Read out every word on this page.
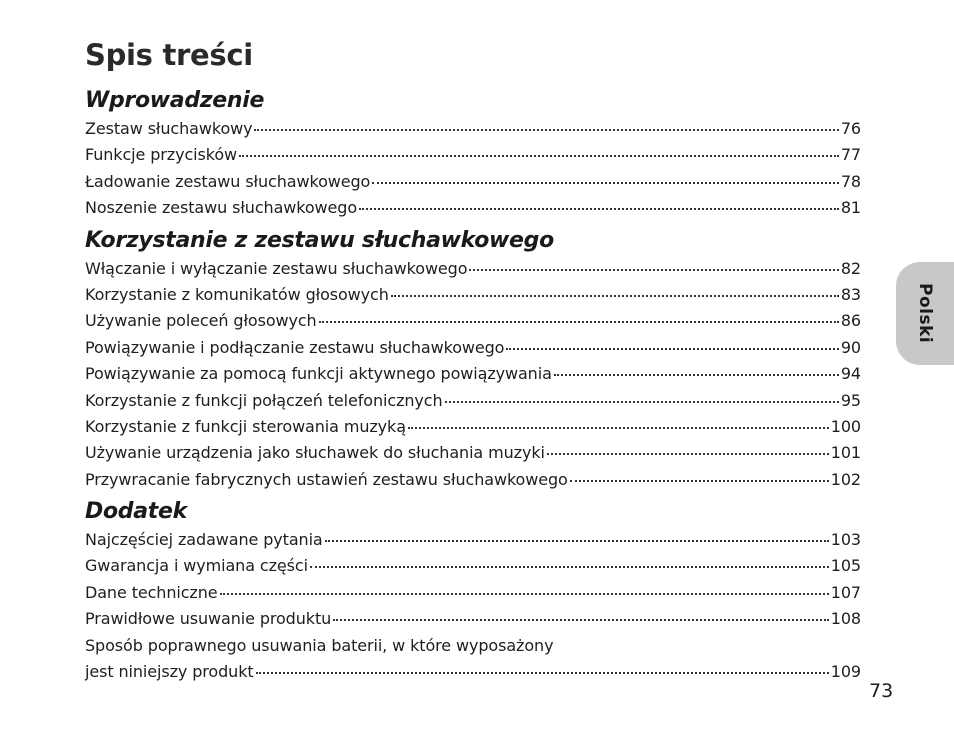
Spis treści
Wprowadzenie
Zestaw słuchawkowy	76
Funkcje przycisków	77
Ładowanie zestawu słuchawkowego	78
Noszenie zestawu słuchawkowego	81
Korzystanie z zestawu słuchawkowego
Włączanie i wyłączanie zestawu słuchawkowego	82
Korzystanie z komunikatów głosowych	83
Używanie poleceń głosowych	86
Powiązywanie i podłączanie zestawu słuchawkowego	90
Powiązywanie za pomocą funkcji aktywnego powiązywania	94
Korzystanie z funkcji połączeń telefonicznych	95
Korzystanie z funkcji sterowania muzyką	100
Używanie urządzenia jako słuchawek do słuchania muzyki	101
Przywracanie fabrycznych ustawień zestawu słuchawkowego	102
Dodatek
Najczęściej zadawane pytania	103
Gwarancja i wymiana części	105
Dane techniczne	107
Prawidłowe usuwanie produktu	108
Sposób poprawnego usuwania baterii, w które wyposażony
jest niniejszy produkt	109
Polski
73
